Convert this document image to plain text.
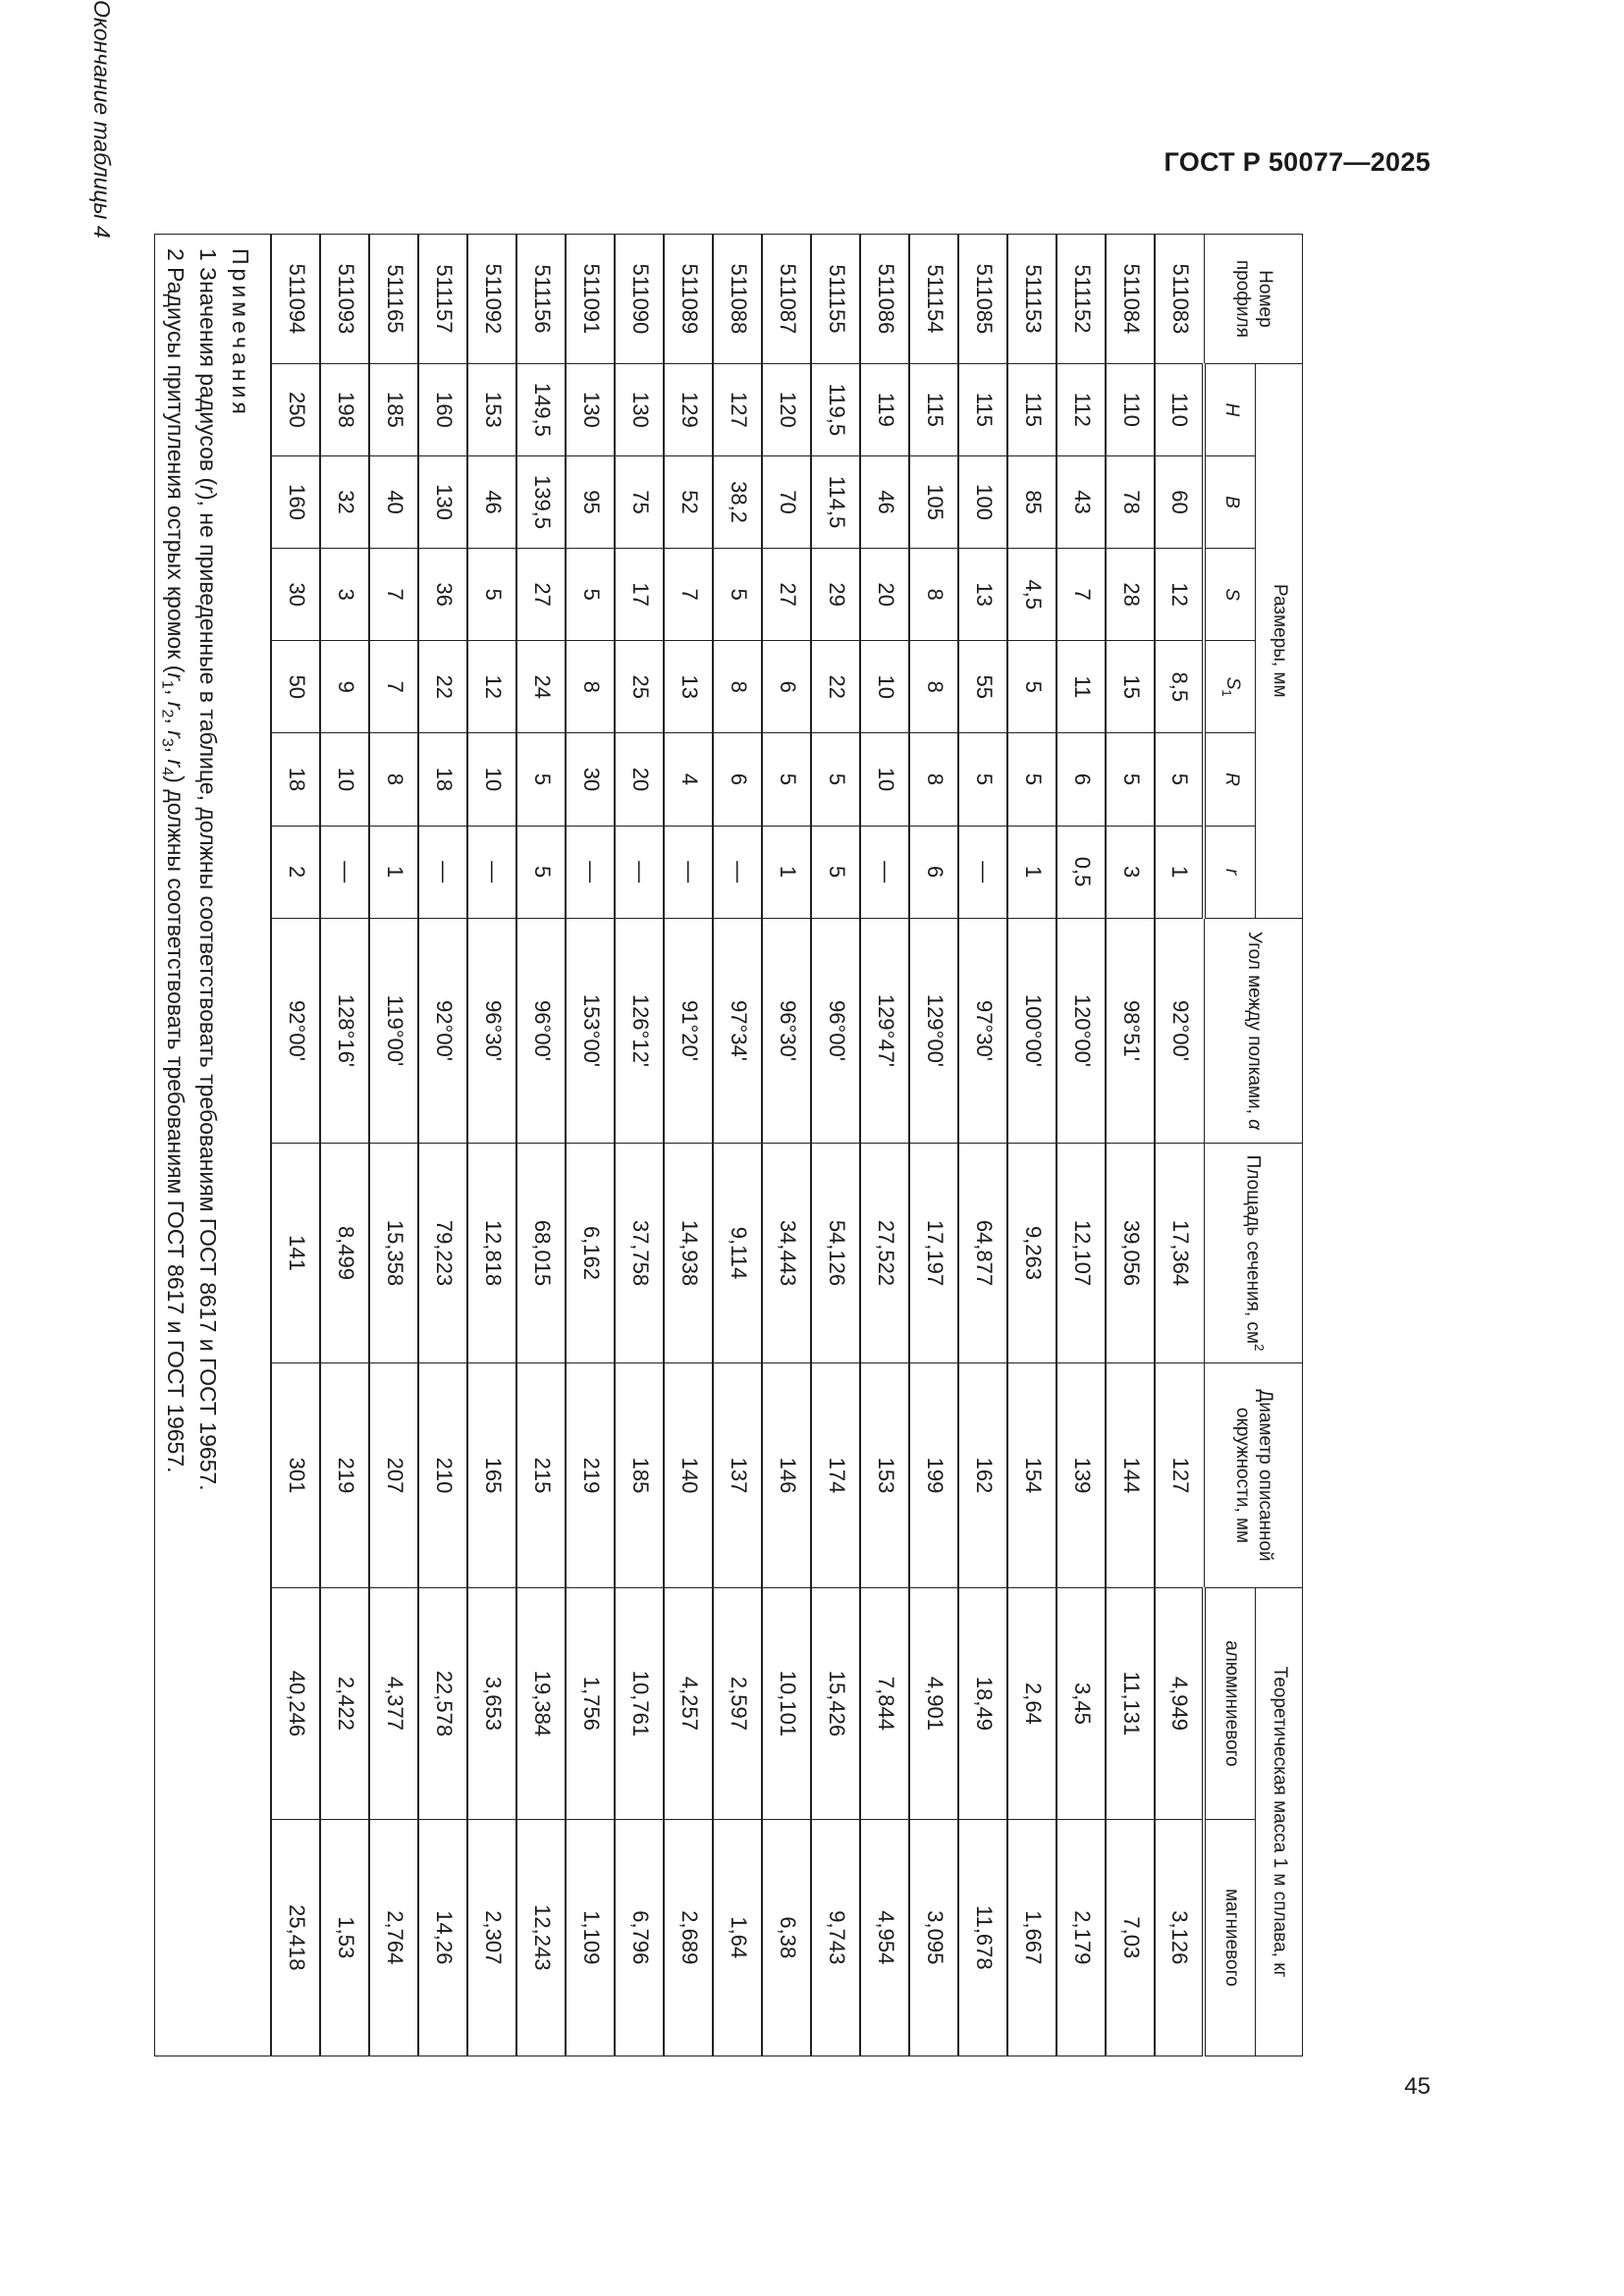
ГОСТ Р 50077—2025
Окончание таблицы 4
Номер профиля	Размеры, мм						Угол между полками, α	Площадь сечения, $см^2$	Диаметр описанной окружности, мм	Теоретическая масса 1 м сплава, кг	
	H	B	S	$S_1$	R	r				алюминиевого	магниевого
511083	110	60	12	8,5	5	1	92°00'	17,364	127	4,949	3,126
511084	110	78	28	15	5	3	98°51'	39,056	144	11,131	7,03
511152	112	43	7	11	6	0,5	120°00'	12,107	139	3,45	2,179
511153	115	85	4,5	5	5	1	100°00'	9,263	154	2,64	1,667
511085	115	100	13	55	5	—	97°30'	64,877	162	18,49	11,678
511154	115	105	8	8	8	6	129°00'	17,197	199	4,901	3,095
511086	119	46	20	10	10	—	129°47'	27,522	153	7,844	4,954
511155	119,5	114,5	29	22	5	5	96°00'	54,126	174	15,426	9,743
511087	120	70	27	6	5	1	96°30'	34,443	146	10,101	6,38
511088	127	38,2	5	8	6	—	97°34'	9,114	137	2,597	1,64
511089	129	52	7	13	4	—	91°20'	14,938	140	4,257	2,689
511090	130	75	17	25	20	—	126°12'	37,758	185	10,761	6,796
511091	130	95	5	8	30	—	153°00'	6,162	219	1,756	1,109
511156	149,5	139,5	27	24	5	5	96°00'	68,015	215	19,384	12,243
511092	153	46	5	12	10	—	96°30'	12,818	165	3,653	2,307
511157	160	130	36	22	18	—	92°00'	79,223	210	22,578	14,26
511165	185	40	7	7	8	1	119°00'	15,358	207	4,377	2,764
511093	198	32	3	9	10	—	128°16'	8,499	219	2,422	1,53
511094	250	160	30	50	18	2	92°00'	141	301	40,246	25,418

Примечания
1 Значения радиусов (r), не приведенные в таблице, должны соответствовать требованиям ГОСТ 8617 и ГОСТ 19657.
2 Радиусы притупления острых кромок ($r_1$, $r_2$, $r_3$, $r_4$) должны соответствовать требованиям ГОСТ 8617 и ГОСТ 19657.											
45
